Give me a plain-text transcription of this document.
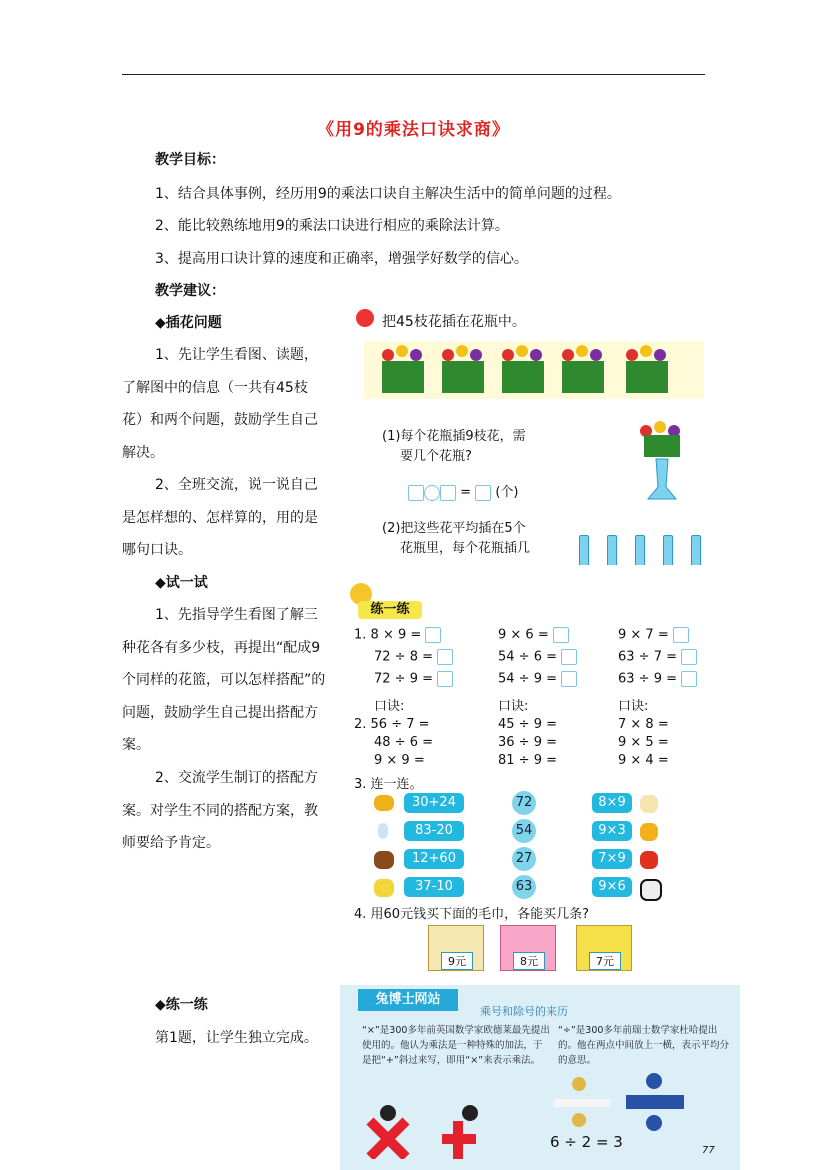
《用9的乘法口诀求商》
教学目标：
1、结合具体事例，经历用9的乘法口诀自主解决生活中的简单问题的过程。
2、能比较熟练地用9的乘法口诀进行相应的乘除法计算。
3、提高用口诀计算的速度和正确率，增强学好数学的信心。
教学建议：
◆插花问题
1、先让学生看图、读题，了解图中的信息（一共有45枝花）和两个问题，鼓励学生自己解决。
2、全班交流，说一说自己是怎样想的、怎样算的，用的是哪句口诀。
◆试一试
1、先指导学生看图了解三种花各有多少枝，再提出“配成9个同样的花篮，可以怎样搭配”的问题，鼓励学生自己提出搭配方案。
2、交流学生制订的搭配方案。对学生不同的搭配方案，教师要给予肯定。
◆练一练
第1题，让学生独立完成。
把45枝花插在花瓶中。
(1)每个花瓶插9枝花，需
要几个花瓶?
= (个)
(2)把这些花平均插在5个
花瓶里，每个花瓶插几
练一练
1. 8 × 9 =	9 × 6 =	9 × 7 =
72 ÷ 8 =	54 ÷ 6 =	63 ÷ 7 =
72 ÷ 9 =	54 ÷ 9 =	63 ÷ 9 =
口诀:	口诀:	口诀:
2. 56 ÷ 7 =	45 ÷ 9 =	7 × 8 =
48 ÷ 6 =	36 ÷ 9 =	9 × 5 =
9 × 9 =	81 ÷ 9 =	9 × 4 =
3. 连一连。
30+24
83-20
12+60
37-10
72
54
27
63
8×9
9×3
7×9
9×6
4. 用60元钱买下面的毛巾，各能买几条?
9元	8元	7元
兔博士网站
乘号和除号的来历
“×”是300多年前英国数学家欧德莱最先提出使用的。他认为乘法是一种特殊的加法，于是把“+”斜过来写，即用“×”来表示乘法。
“÷”是300多年前瑞士数学家杜哈提出的。他在两点中间放上一横，表示平均分的意思。
6 ÷ 2 = 3	77
